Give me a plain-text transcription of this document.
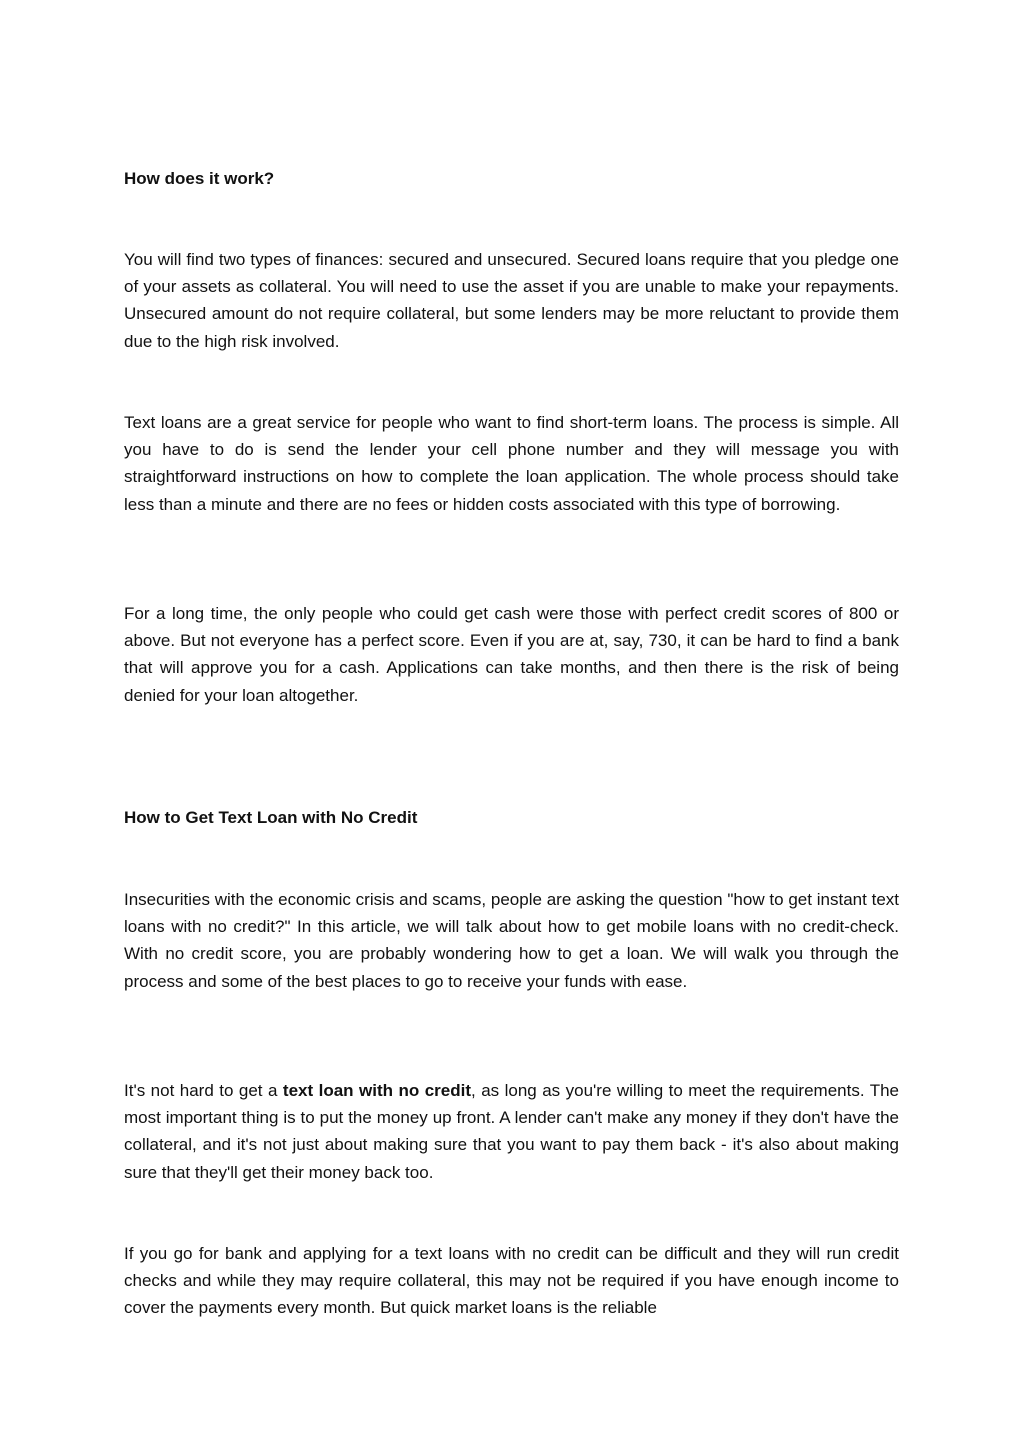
How does it work?

You will find two types of finances: secured and unsecured. Secured loans require that you pledge one of your assets as collateral. You will need to use the asset if you are unable to make your repayments. Unsecured amount do not require collateral, but some lenders may be more reluctant to provide them due to the high risk involved.

Text loans are a great service for people who want to find short-term loans. The process is simple. All you have to do is send the lender your cell phone number and they will message you with straightforward instructions on how to complete the loan application. The whole process should take less than a minute and there are no fees or hidden costs associated with this type of borrowing.

For a long time, the only people who could get cash were those with perfect credit scores of 800 or above. But not everyone has a perfect score. Even if you are at, say, 730, it can be hard to find a bank that will approve you for a cash. Applications can take months, and then there is the risk of being denied for your loan altogether.

How to Get Text Loan with No Credit

Insecurities with the economic crisis and scams, people are asking the question "how to get instant text loans with no credit?" In this article, we will talk about how to get mobile loans with no credit-check. With no credit score, you are probably wondering how to get a loan. We will walk you through the process and some of the best places to go to receive your funds with ease.

It's not hard to get a text loan with no credit, as long as you're willing to meet the requirements. The most important thing is to put the money up front. A lender can't make any money if they don't have the collateral, and it's not just about making sure that you want to pay them back - it's also about making sure that they'll get their money back too.

If you go for bank and applying for a text loans with no credit can be difficult and they will run credit checks and while they may require collateral, this may not be required if you have enough income to cover the payments every month. But quick market loans is the reliable
